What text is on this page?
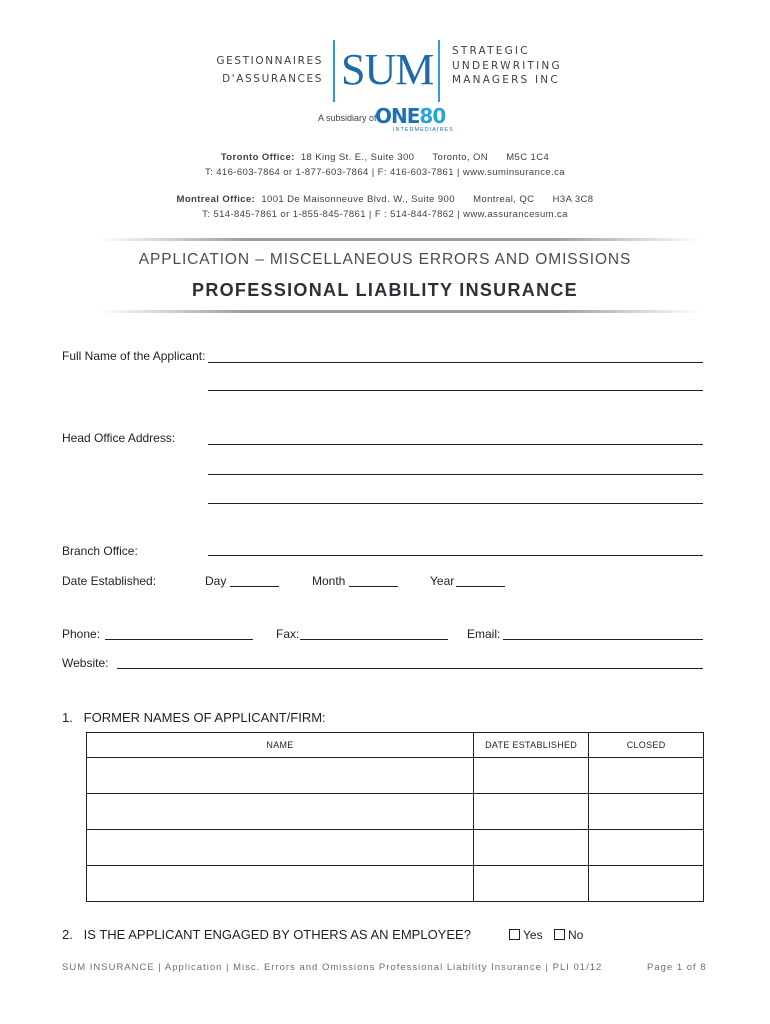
GESTIONNAIRES
D'ASSURANCES SUM STRATEGIC
UNDERWRITING
MANAGERS INC
A subsidiary of
ONE80
INTERMEDIAIRES
Toronto Office: 18 King St. E., Suite 300      Toronto, ON      M5C 1C4
T: 416-603-7864 or 1-877-603-7864 | F: 416-603-7861 | www.suminsurance.ca
Montreal Office: 1001 De Maisonneuve Blvd. W., Suite 900      Montreal, QC      H3A 3C8
T: 514-845-7861 or 1-855-845-7861 | F : 514-844-7862 | www.assurancesum.ca
APPLICATION – MISCELLANEOUS ERRORS AND OMISSIONS
PROFESSIONAL LIABILITY INSURANCE
Full Name of the Applicant:
Head Office Address:
Branch Office:
Date Established:	Day	Month	Year
Phone:	Fax:	Email:
Website:
1.   FORMER NAMES OF APPLICANT/FIRM:
NAME	DATE ESTABLISHED	CLOSED

2.   IS THE APPLICANT ENGAGED BY OTHERS AS AN EMPLOYEE?	Yes	No
SUM INSURANCE | Application | Misc. Errors and Omissions Professional Liability Insurance | PLI 01/12	Page 1 of 8
